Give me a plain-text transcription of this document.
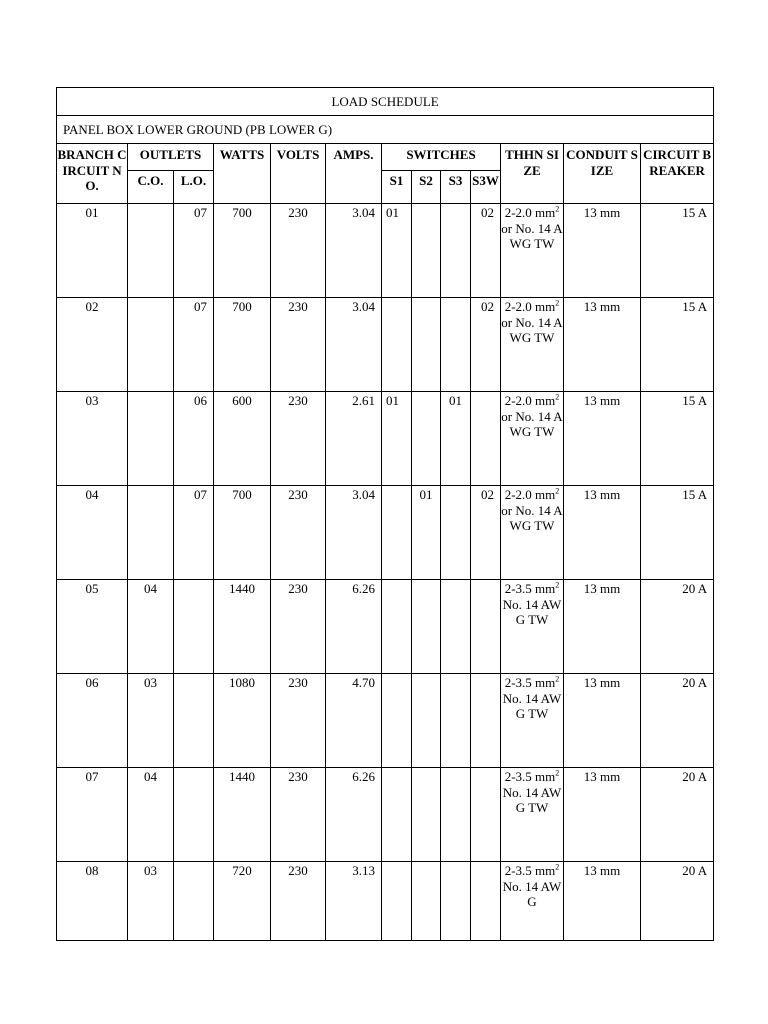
LOAD SCHEDULE												
PANEL BOX LOWER GROUND (PB LOWER G)												
BRANCH CIRCUIT NO.	OUTLETS		WATTS	VOLTS	AMPS.	SWITCHES				THHN SIZE	CONDUIT SIZE	CIRCUIT BREAKER
	C.O.	L.O.				S1	S2	S3	S3W			
01		07	700	230	3.04	01			02	2-2.0 $mm^2$ or No. 14 AWG TW	13 mm	15 A
02		07	700	230	3.04				02	2-2.0 $mm^2$ or No. 14 AWG TW	13 mm	15 A
03		06	600	230	2.61	01		01		2-2.0 $mm^2$ or No. 14 AWG TW	13 mm	15 A
04		07	700	230	3.04		01		02	2-2.0 $mm^2$ or No. 14 AWG TW	13 mm	15 A
05	04		1440	230	6.26					2-3.5 $mm^2$ No. 14 AWG TW	13 mm	20 A
06	03		1080	230	4.70					2-3.5 $mm^2$ No. 14 AWG TW	13 mm	20 A
07	04		1440	230	6.26					2-3.5 $mm^2$ No. 14 AWG TW	13 mm	20 A
08	03		720	230	3.13					2-3.5 $mm^2$ No. 14 AWG	13 mm	20 A
